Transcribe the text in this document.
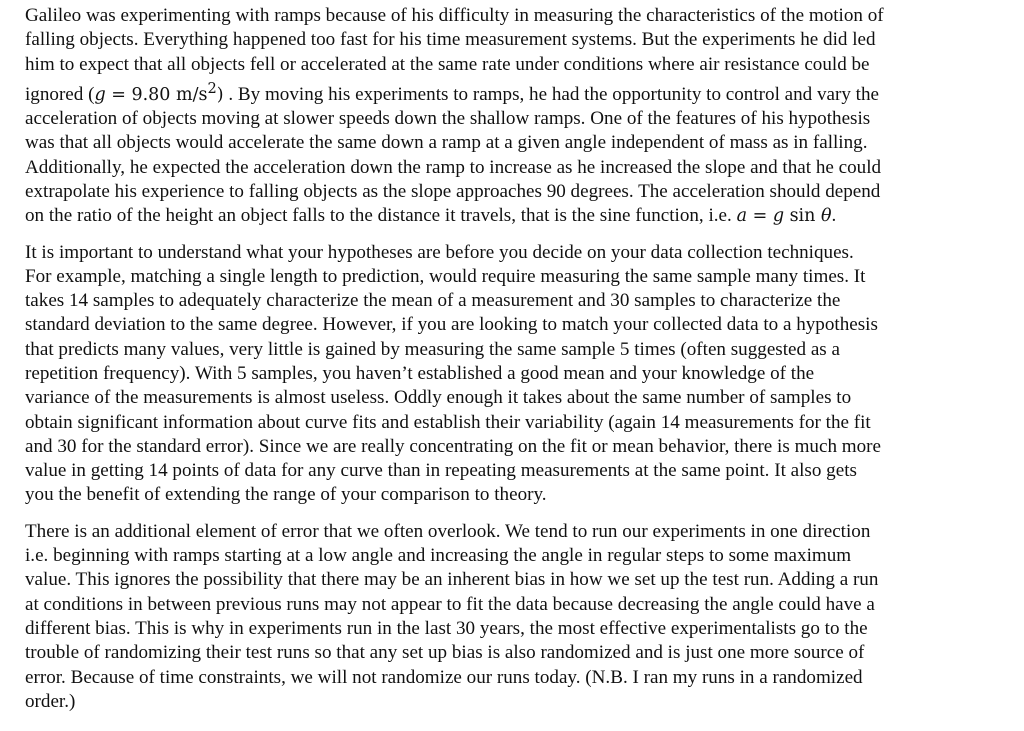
Galileo was experimenting with ramps because of his difficulty in measuring the characteristics of the motion of
falling objects. Everything happened too fast for his time measurement systems. But the experiments he did led
him to expect that all objects fell or accelerated at the same rate under conditions where air resistance could be
ignored (g = 9.80 $m/s^2$) . By moving his experiments to ramps, he had the opportunity to control and vary the
acceleration of objects moving at slower speeds down the shallow ramps. One of the features of his hypothesis
was that all objects would accelerate the same down a ramp at a given angle independent of mass as in falling.
Additionally, he expected the acceleration down the ramp to increase as he increased the slope and that he could
extrapolate his experience to falling objects as the slope approaches 90 degrees. The acceleration should depend
on the ratio of the height an object falls to the distance it travels, that is the sine function, i.e. a = g sin θ.

It is important to understand what your hypotheses are before you decide on your data collection techniques.
For example, matching a single length to prediction, would require measuring the same sample many times. It
takes 14 samples to adequately characterize the mean of a measurement and 30 samples to characterize the
standard deviation to the same degree. However, if you are looking to match your collected data to a hypothesis
that predicts many values, very little is gained by measuring the same sample 5 times (often suggested as a
repetition frequency). With 5 samples, you haven’t established a good mean and your knowledge of the
variance of the measurements is almost useless. Oddly enough it takes about the same number of samples to
obtain significant information about curve fits and establish their variability (again 14 measurements for the fit
and 30 for the standard error). Since we are really concentrating on the fit or mean behavior, there is much more
value in getting 14 points of data for any curve than in repeating measurements at the same point. It also gets
you the benefit of extending the range of your comparison to theory.

There is an additional element of error that we often overlook. We tend to run our experiments in one direction
i.e. beginning with ramps starting at a low angle and increasing the angle in regular steps to some maximum
value. This ignores the possibility that there may be an inherent bias in how we set up the test run. Adding a run
at conditions in between previous runs may not appear to fit the data because decreasing the angle could have a
different bias. This is why in experiments run in the last 30 years, the most effective experimentalists go to the
trouble of randomizing their test runs so that any set up bias is also randomized and is just one more source of
error. Because of time constraints, we will not randomize our runs today. (N.B. I ran my runs in a randomized
order.)
